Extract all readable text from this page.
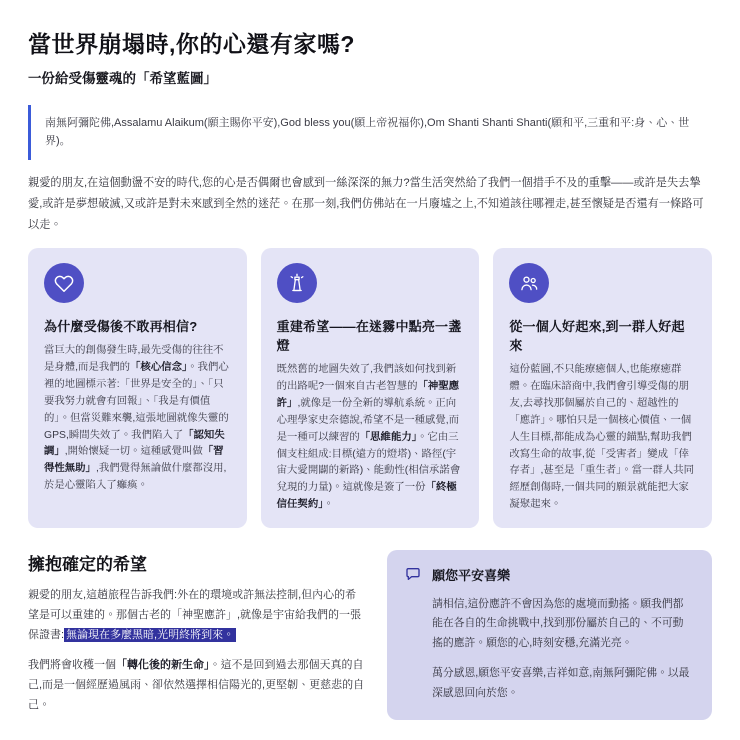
當世界崩塌時,你的心還有家嗎?
一份給受傷靈魂的「希望藍圖」
南無阿彌陀佛,Assalamu Alaikum(願主賜你平安),God bless you(願上帝祝福你),Om Shanti Shanti Shanti(願和平,三重和平:身、心、世界)。

親愛的朋友,在這個動盪不安的時代,您的心是否偶爾也會感到一絲深深的無力?當生活突然給了我們一個措手不及的重擊——或許是失去摯愛,或許是夢想破滅,又或許是對未來感到全然的迷茫。在那一刻,我們仿佛站在一片廢墟之上,不知道該往哪裡走,甚至懷疑是否還有一條路可以走。

為什麼受傷後不敢再相信?
當巨大的創傷發生時,最先受傷的往往不是身體,而是我們的「核心信念」。我們心裡的地圖標示著:「世界是安全的」、「只要我努力就會有回報」、「我是有價值的」。但當災難來襲,這張地圖就像失靈的GPS,瞬間失效了。我們陷入了「認知失調」,開始懷疑一切。這種感覺叫做「習得性無助」,我們覺得無論做什麼都沒用,於是心靈陷入了癱瘓。
重建希望——在迷霧中點亮一盞燈
既然舊的地圖失效了,我們該如何找到新的出路呢?一個來自古老智慧的「神聖應許」,就像是一份全新的導航系統。正向心理學家史奈德說,希望不是一種感覺,而是一種可以練習的「思維能力」。它由三個支柱組成:目標(遠方的燈塔)、路徑(宇宙大愛開闢的新路)、能動性(相信承諾會兌現的力量)。這就像是簽了一份「終極信任契約」。
從一個人好起來,到一群人好起來
這份藍圖,不只能療癒個人,也能療癒群體。在臨床諮商中,我們會引導受傷的朋友,去尋找那個屬於自己的、超越性的「應許」。哪怕只是一個核心價值、一個人生目標,都能成為心靈的錨點,幫助我們改寫生命的故事,從「受害者」變成「倖存者」,甚至是「重生者」。當一群人共同經歷創傷時,一個共同的願景就能把大家凝聚起來。
擁抱確定的希望

親愛的朋友,這趟旅程告訴我們:外在的環境或許無法控制,但內心的希望是可以重建的。那個古老的「神聖應許」,就像是宇宙給我們的一張保證書: 無論現在多麼黑暗,光明終將到來。

我們將會收穫一個「轉化後的新生命」。這不是回到過去那個天真的自己,而是一個經歷過風雨、卻依然選擇相信陽光的,更堅韌、更慈悲的自己。

願您平安喜樂

請相信,這份應許不會因為您的處境而動搖。願我們都能在各自的生命挑戰中,找到那份屬於自己的、不可動搖的應許。願您的心,時刻安穩,充滿光亮。

萬分感恩,願您平安喜樂,吉祥如意,南無阿彌陀佛。以最深感恩回向於您。
